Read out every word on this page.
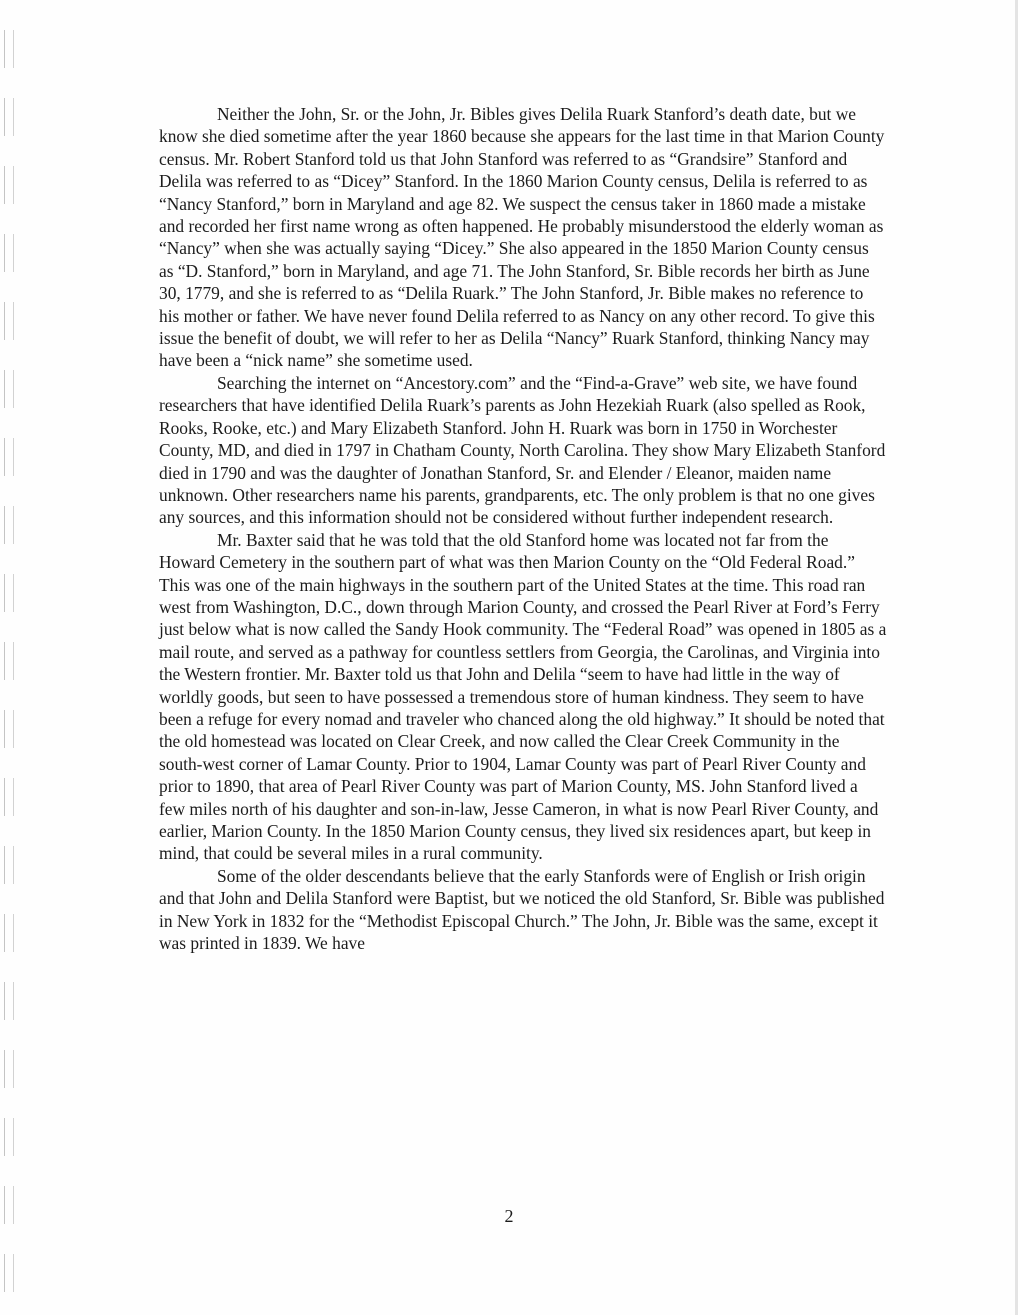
Neither the John, Sr. or the John, Jr. Bibles gives Delila Ruark Stanford’s death date, but we know she died sometime after the year 1860 because she appears for the last time in that Marion County census. Mr. Robert Stanford told us that John Stanford was referred to as “Grandsire” Stanford and Delila was referred to as “Dicey” Stanford. In the 1860 Marion County census, Delila is referred to as “Nancy Stanford,” born in Maryland and age 82. We suspect the census taker in 1860 made a mistake and recorded her first name wrong as often happened. He probably misunderstood the elderly woman as “Nancy” when she was actually saying “Dicey.” She also appeared in the 1850 Marion County census as “D. Stanford,” born in Maryland, and age 71. The John Stanford, Sr. Bible records her birth as June 30, 1779, and she is referred to as “Delila Ruark.” The John Stanford, Jr. Bible makes no reference to his mother or father. We have never found Delila referred to as Nancy on any other record. To give this issue the benefit of doubt, we will refer to her as Delila “Nancy” Ruark Stanford, thinking Nancy may have been a “nick name” she sometime used.

Searching the internet on “Ancestory.com” and the “Find-a-Grave” web site, we have found researchers that have identified Delila Ruark’s parents as John Hezekiah Ruark (also spelled as Rook, Rooks, Rooke, etc.) and Mary Elizabeth Stanford. John H. Ruark was born in 1750 in Worchester County, MD, and died in 1797 in Chatham County, North Carolina. They show Mary Elizabeth Stanford died in 1790 and was the daughter of Jonathan Stanford, Sr. and Elender / Eleanor, maiden name unknown. Other researchers name his parents, grandparents, etc. The only problem is that no one gives any sources, and this information should not be considered without further independent research.

Mr. Baxter said that he was told that the old Stanford home was located not far from the Howard Cemetery in the southern part of what was then Marion County on the “Old Federal Road.” This was one of the main highways in the southern part of the United States at the time. This road ran west from Washington, D.C., down through Marion County, and crossed the Pearl River at Ford’s Ferry just below what is now called the Sandy Hook community. The “Federal Road” was opened in 1805 as a mail route, and served as a pathway for countless settlers from Georgia, the Carolinas, and Virginia into the Western frontier. Mr. Baxter told us that John and Delila “seem to have had little in the way of worldly goods, but seen to have possessed a tremendous store of human kindness. They seem to have been a refuge for every nomad and traveler who chanced along the old highway.” It should be noted that the old homestead was located on Clear Creek, and now called the Clear Creek Community in the south-west corner of Lamar County. Prior to 1904, Lamar County was part of Pearl River County and prior to 1890, that area of Pearl River County was part of Marion County, MS. John Stanford lived a few miles north of his daughter and son-in-law, Jesse Cameron, in what is now Pearl River County, and earlier, Marion County. In the 1850 Marion County census, they lived six residences apart, but keep in mind, that could be several miles in a rural community.

Some of the older descendants believe that the early Stanfords were of English or Irish origin and that John and Delila Stanford were Baptist, but we noticed the old Stanford, Sr. Bible was published in New York in 1832 for the “Methodist Episcopal Church.” The John, Jr. Bible was the same, except it was printed in 1839. We have

2
